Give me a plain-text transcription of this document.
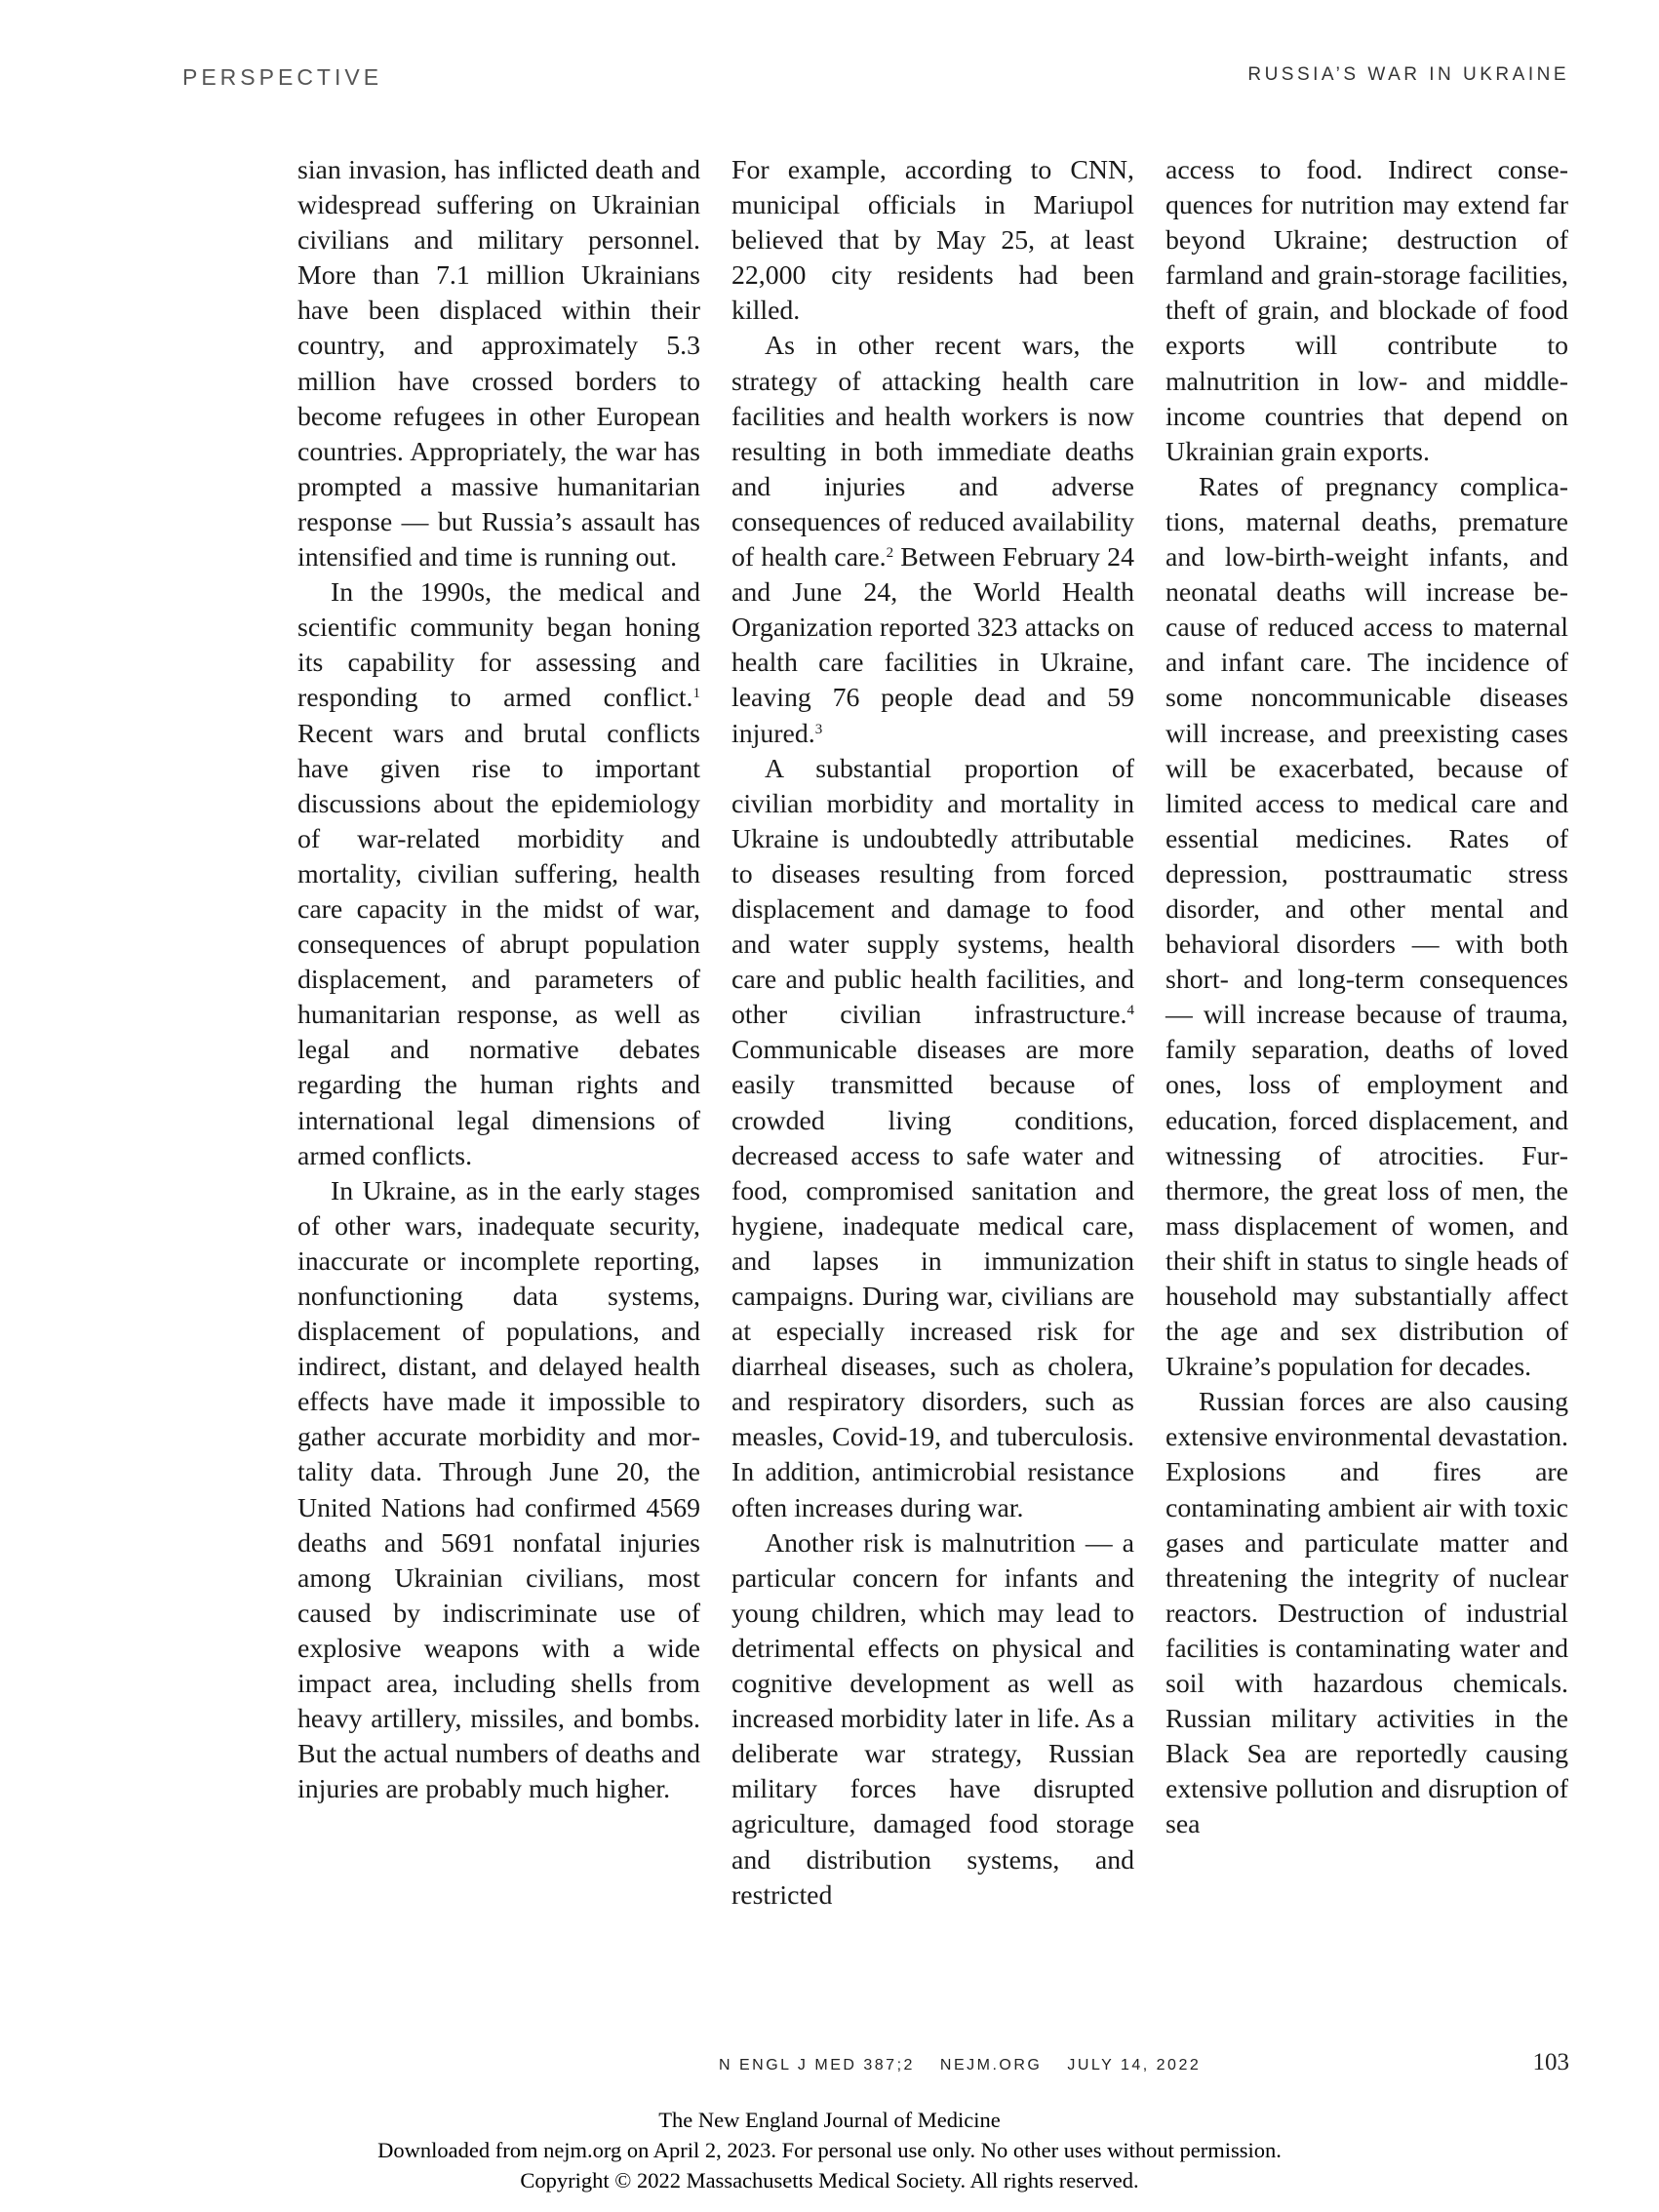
PERSPECTIVE	RUSSIA’S WAR IN UKRAINE

sian invasion, has inflicted death and widespread suffering on Ukrainian civilians and military personnel. More than 7.1 million Ukrainians have been displaced within their country, and approximately 5.3 million have crossed borders to become refugees in other European countries. Appropriately, the war has prompted a massive humanitarian response — but Russia’s assault has intensified and time is running out.

In the 1990s, the medical and scientific community began honing its capability for assessing and responding to armed conflict.$^1$ Recent wars and brutal conflicts have given rise to important discussions about the epidemiology of war-related morbidity and mortality, civilian suffering, health care capacity in the midst of war, consequences of abrupt population displacement, and parameters of humanitarian response, as well as legal and normative debates regarding the human rights and international legal dimensions of armed conflicts.

In Ukraine, as in the early stages of other wars, inadequate security, inaccurate or incomplete reporting, nonfunctioning data systems, displacement of populations, and indirect, distant, and delayed health effects have made it impossible to gather accurate morbidity and mortality data. Through June 20, the United Nations had confirmed 4569 deaths and 5691 nonfatal injuries among Ukrainian civilians, most caused by indiscriminate use of explosive weapons with a wide impact area, including shells from heavy artillery, missiles, and bombs. But the actual numbers of deaths and injuries are probably much higher.

For example, according to CNN, municipal officials in Mariupol believed that by May 25, at least 22,000 city residents had been killed.

As in other recent wars, the strategy of attacking health care facilities and health workers is now resulting in both immediate deaths and injuries and adverse consequences of reduced availability of health care.$^2$ Between February 24 and June 24, the World Health Organization reported 323 attacks on health care facilities in Ukraine, leaving 76 people dead and 59 injured.$^3$

A substantial proportion of civilian morbidity and mortality in Ukraine is undoubtedly attributable to diseases resulting from forced displacement and damage to food and water supply systems, health care and public health facilities, and other civilian infrastructure.$^4$ Communicable diseases are more easily transmitted because of crowded living conditions, decreased access to safe water and food, compromised sanitation and hygiene, inadequate medical care, and lapses in immunization campaigns. During war, civilians are at especially increased risk for diarrheal diseases, such as cholera, and respiratory disorders, such as measles, Covid-19, and tuberculosis. In addition, antimicrobial resistance often increases during war.

Another risk is malnutrition — a particular concern for infants and young children, which may lead to detrimental effects on physical and cognitive development as well as increased morbidity later in life. As a deliberate war strategy, Russian military forces have disrupted agriculture, damaged food storage and distribution systems, and restricted

access to food. Indirect consequences for nutrition may extend far beyond Ukraine; destruction of farmland and grain-storage facilities, theft of grain, and blockade of food exports will contribute to malnutrition in low- and middle-income countries that depend on Ukrainian grain exports.

Rates of pregnancy complications, maternal deaths, premature and low-birth-weight infants, and neonatal deaths will increase because of reduced access to maternal and infant care. The incidence of some noncommunicable diseases will increase, and preexisting cases will be exacerbated, because of limited access to medical care and essential medicines. Rates of depression, posttraumatic stress disorder, and other mental and behavioral disorders — with both short- and long-term consequences — will increase because of trauma, family separation, deaths of loved ones, loss of employment and education, forced displacement, and witnessing of atrocities. Furthermore, the great loss of men, the mass displacement of women, and their shift in status to single heads of household may substantially affect the age and sex distribution of Ukraine’s population for decades.

Russian forces are also causing extensive environmental devastation. Explosions and fires are contaminating ambient air with toxic gases and particulate matter and threatening the integrity of nuclear reactors. Destruction of industrial facilities is contaminating water and soil with hazardous chemicals. Russian military activities in the Black Sea are reportedly causing extensive pollution and disruption of sea

N ENGL J MED 387;2 NEJM.ORG JULY 14, 2022	103
The New England Journal of Medicine
Downloaded from nejm.org on April 2, 2023. For personal use only. No other uses without permission.
Copyright © 2022 Massachusetts Medical Society. All rights reserved.
